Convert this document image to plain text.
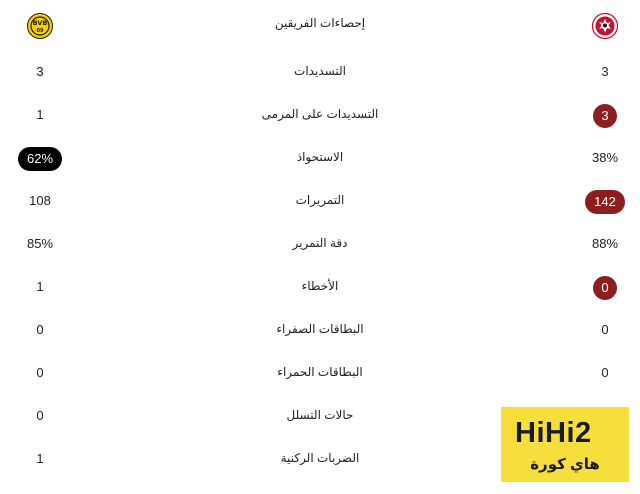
BVB
09
إحصاءات الفريقين
التسديدات
3	3
التسديدات على المرمى
1	3
الاستحواذ
62%	38%
التمريرات
108	142
دقة التمرير
85%	88%
الأخطاء
1	0
البطاقات الصفراء
0	0
البطاقات الحمراء
0	0
حالات التسلل
0
الضربات الركنية
1
HiHi2
هاي كورة
